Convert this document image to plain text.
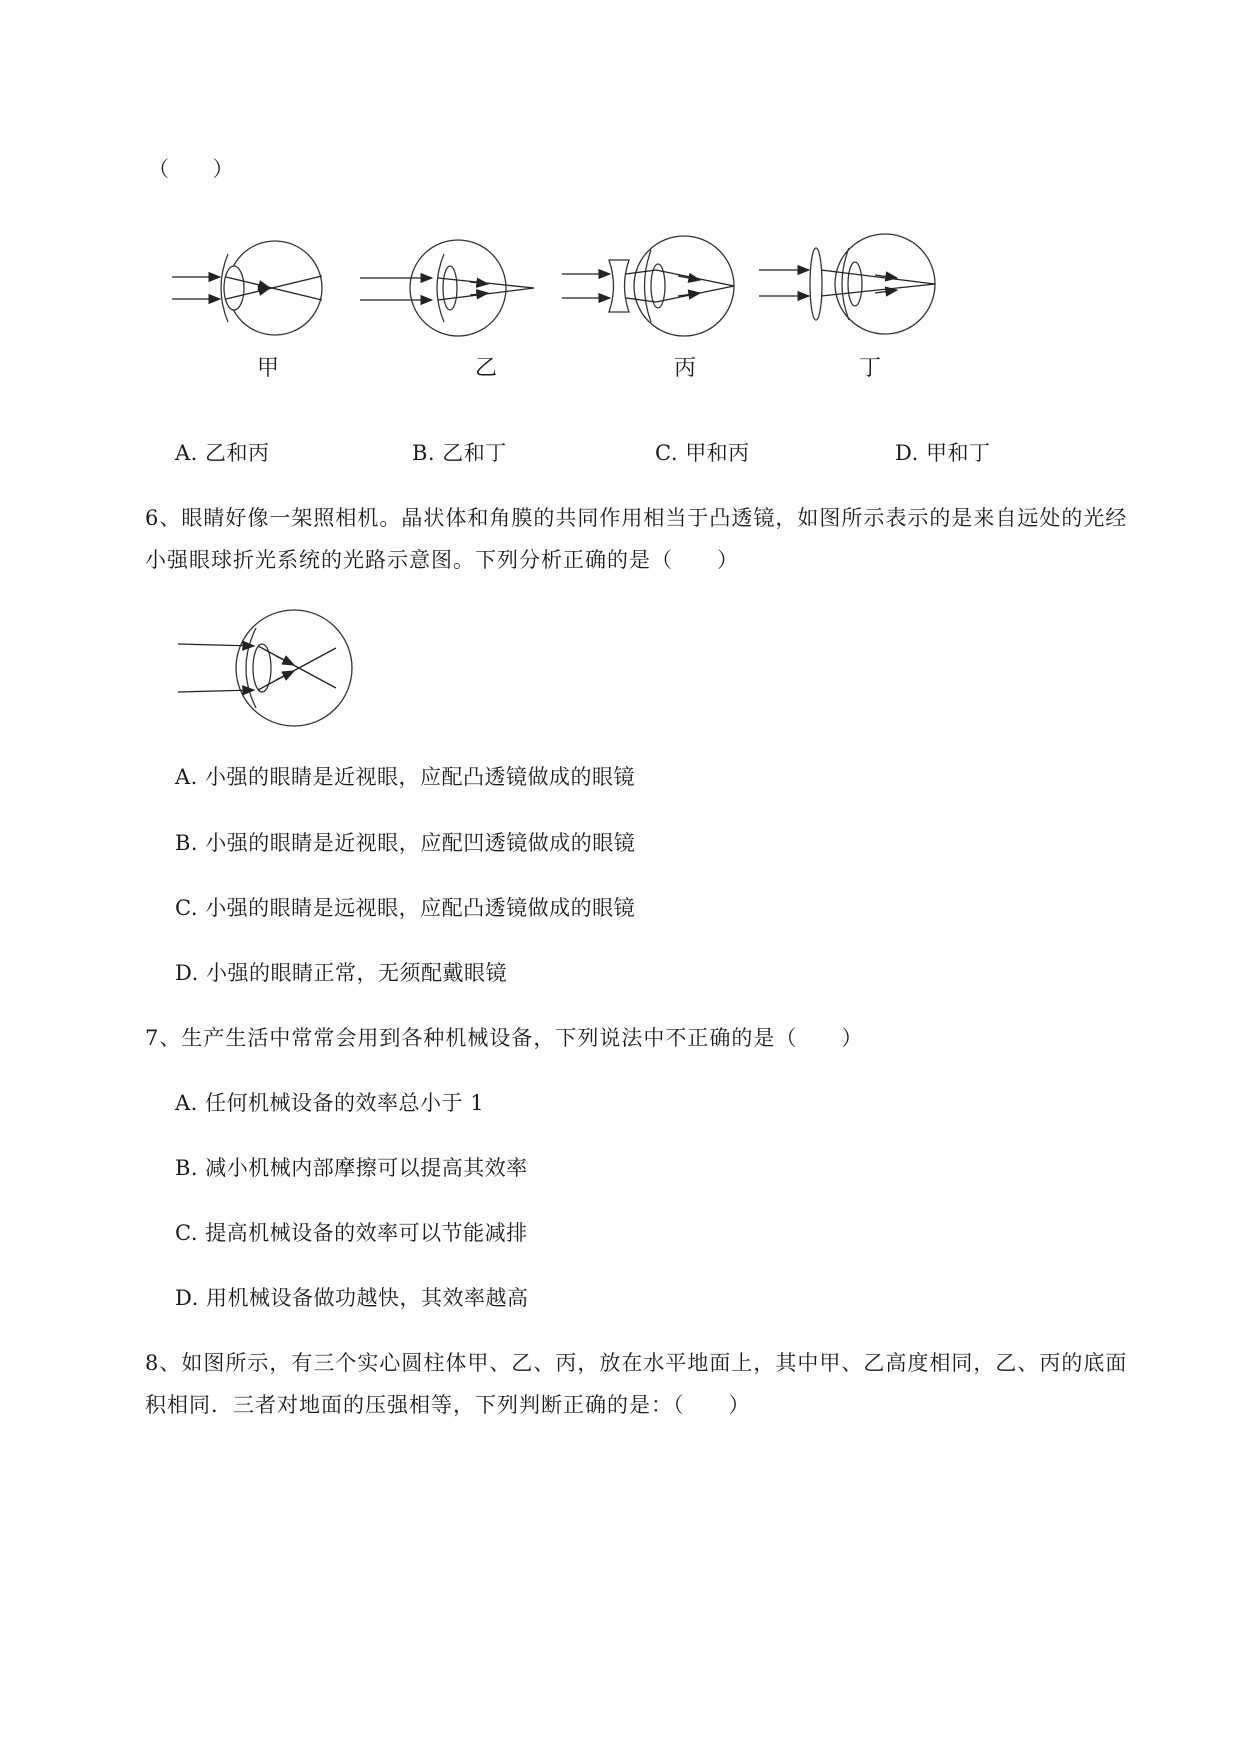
（　　）
甲	乙	丙	丁
A. 乙和丙	B. 乙和丁	C. 甲和丙	D. 甲和丁
6、眼睛好像一架照相机。晶状体和角膜的共同作用相当于凸透镜，如图所示表示的是来自远处的光经
小强眼球折光系统的光路示意图。下列分析正确的是（　　）
A. 小强的眼睛是近视眼，应配凸透镜做成的眼镜
B. 小强的眼睛是近视眼，应配凹透镜做成的眼镜
C. 小强的眼睛是远视眼，应配凸透镜做成的眼镜
D. 小强的眼睛正常，无须配戴眼镜
7、生产生活中常常会用到各种机械设备，下列说法中不正确的是（　　）
A. 任何机械设备的效率总小于 1
B. 减小机械内部摩擦可以提高其效率
C. 提高机械设备的效率可以节能减排
D. 用机械设备做功越快，其效率越高
8、如图所示，有三个实心圆柱体甲、乙、丙，放在水平地面上，其中甲、乙高度相同，乙、丙的底面
积相同．三者对地面的压强相等，下列判断正确的是：（　　）
